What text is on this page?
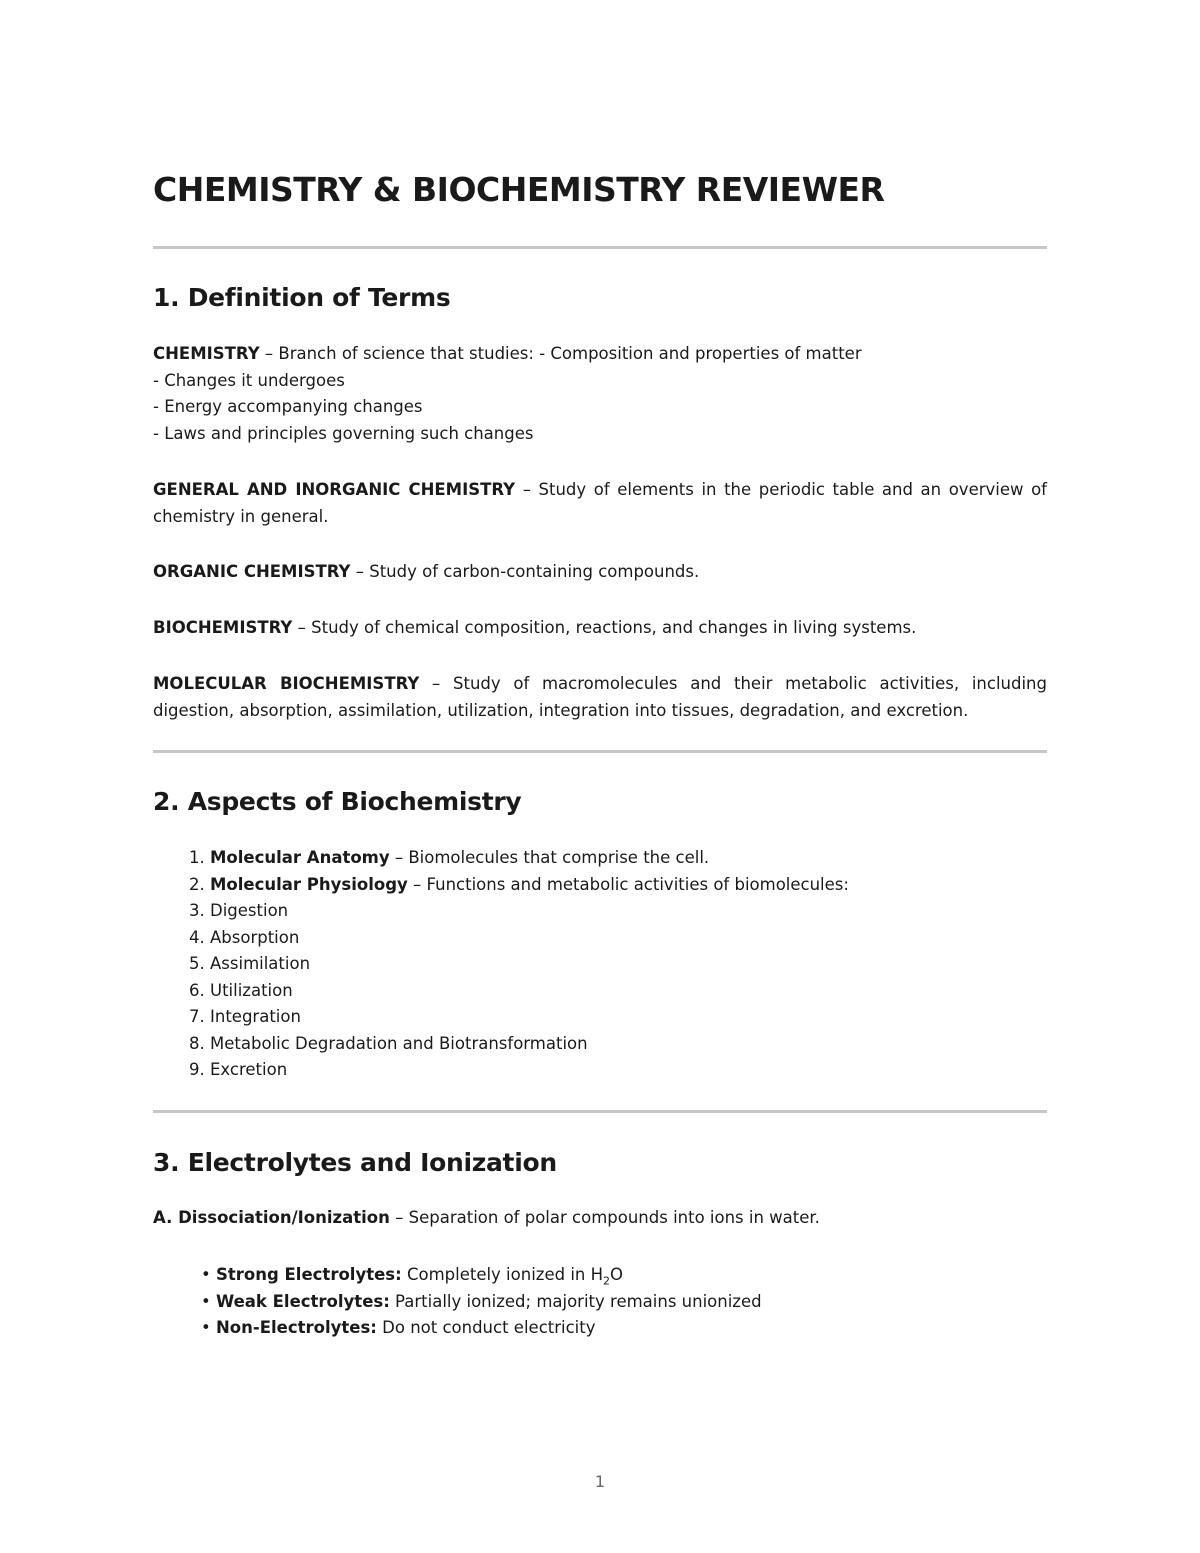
CHEMISTRY & BIOCHEMISTRY REVIEWER
1. Definition of Terms
CHEMISTRY – Branch of science that studies: - Composition and properties of matter
- Changes it undergoes
- Energy accompanying changes
- Laws and principles governing such changes
GENERAL AND INORGANIC CHEMISTRY – Study of elements in the periodic table and an overview of chemistry in general.
ORGANIC CHEMISTRY – Study of carbon-containing compounds.
BIOCHEMISTRY – Study of chemical composition, reactions, and changes in living systems.
MOLECULAR BIOCHEMISTRY – Study of macromolecules and their metabolic activities, including digestion, absorption, assimilation, utilization, integration into tissues, degradation, and excretion.
2. Aspects of Biochemistry
1. Molecular Anatomy – Biomolecules that comprise the cell.
2. Molecular Physiology – Functions and metabolic activities of biomolecules:
3. Digestion
4. Absorption
5. Assimilation
6. Utilization
7. Integration
8. Metabolic Degradation and Biotransformation
9. Excretion
3. Electrolytes and Ionization
A. Dissociation/Ionization – Separation of polar compounds into ions in water.
• Strong Electrolytes: Completely ionized in $H_2O$
• Weak Electrolytes: Partially ionized; majority remains unionized
• Non-Electrolytes: Do not conduct electricity
1
